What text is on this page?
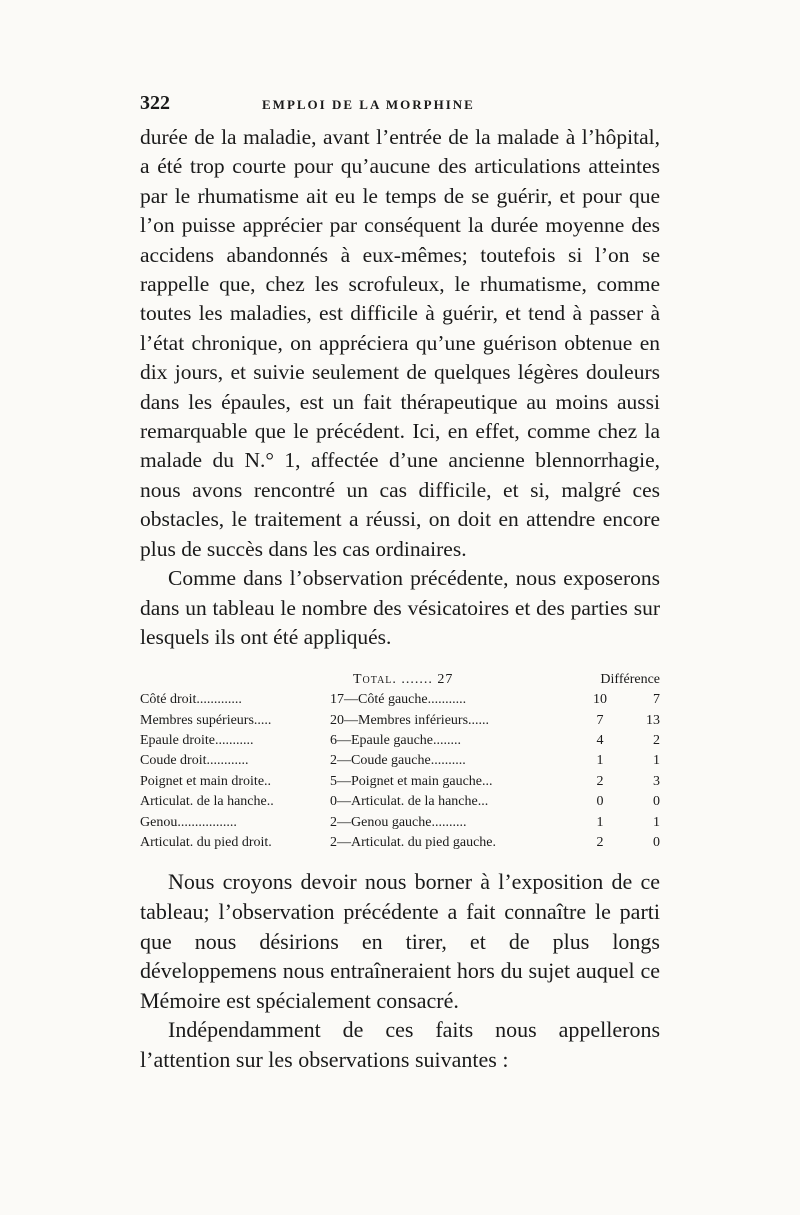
322	EMPLOI DE LA MORPHINE

durée de la maladie, avant l’entrée de la malade à l’hôpital, a été trop courte pour qu’aucune des articulations atteintes par le rhumatisme ait eu le temps de se guérir, et pour que l’on puisse apprécier par conséquent la durée moyenne des accidens abandonnés à eux-mêmes; toutefois si l’on se rappelle que, chez les scrofuleux, le rhumatisme, comme toutes les maladies, est difficile à guérir, et tend à passer à l’état chronique, on appréciera qu’une guérison obtenue en dix jours, et suivie seulement de quelques légères douleurs dans les épaules, est un fait thérapeutique au moins aussi remarquable que le précédent. Ici, en effet, comme chez la malade du N.° 1, affectée d’une ancienne blennorrhagie, nous avons rencontré un cas difficile, et si, malgré ces obstacles, le traitement a réussi, on doit en attendre encore plus de succès dans les cas ordinaires.

Comme dans l’observation précédente, nous exposerons dans un tableau le nombre des vésicatoires et des parties sur lesquels ils ont été appliqués.

Total. ....... 27	Différence
Côté droit.............	17—Côté gauche...........	10	7
Membres supérieurs.....	20—Membres inférieurs......	7	13
Epaule droite...........	6—Epaule gauche........	4	2
Coude droit............	2—Coude gauche..........	1	1
Poignet et main droite..	5—Poignet et main gauche...	2	3
Articulat. de la hanche..	0—Articulat. de la hanche...	0	0
Genou.................	2—Genou gauche..........	1	1
Articulat. du pied droit.	2—Articulat. du pied gauche.	2	0

Nous croyons devoir nous borner à l’exposition de ce tableau; l’observation précédente a fait connaître le parti que nous désirions en tirer, et de plus longs développemens nous entraîneraient hors du sujet auquel ce Mémoire est spécialement consacré.

Indépendamment de ces faits nous appellerons l’attention sur les observations suivantes :
